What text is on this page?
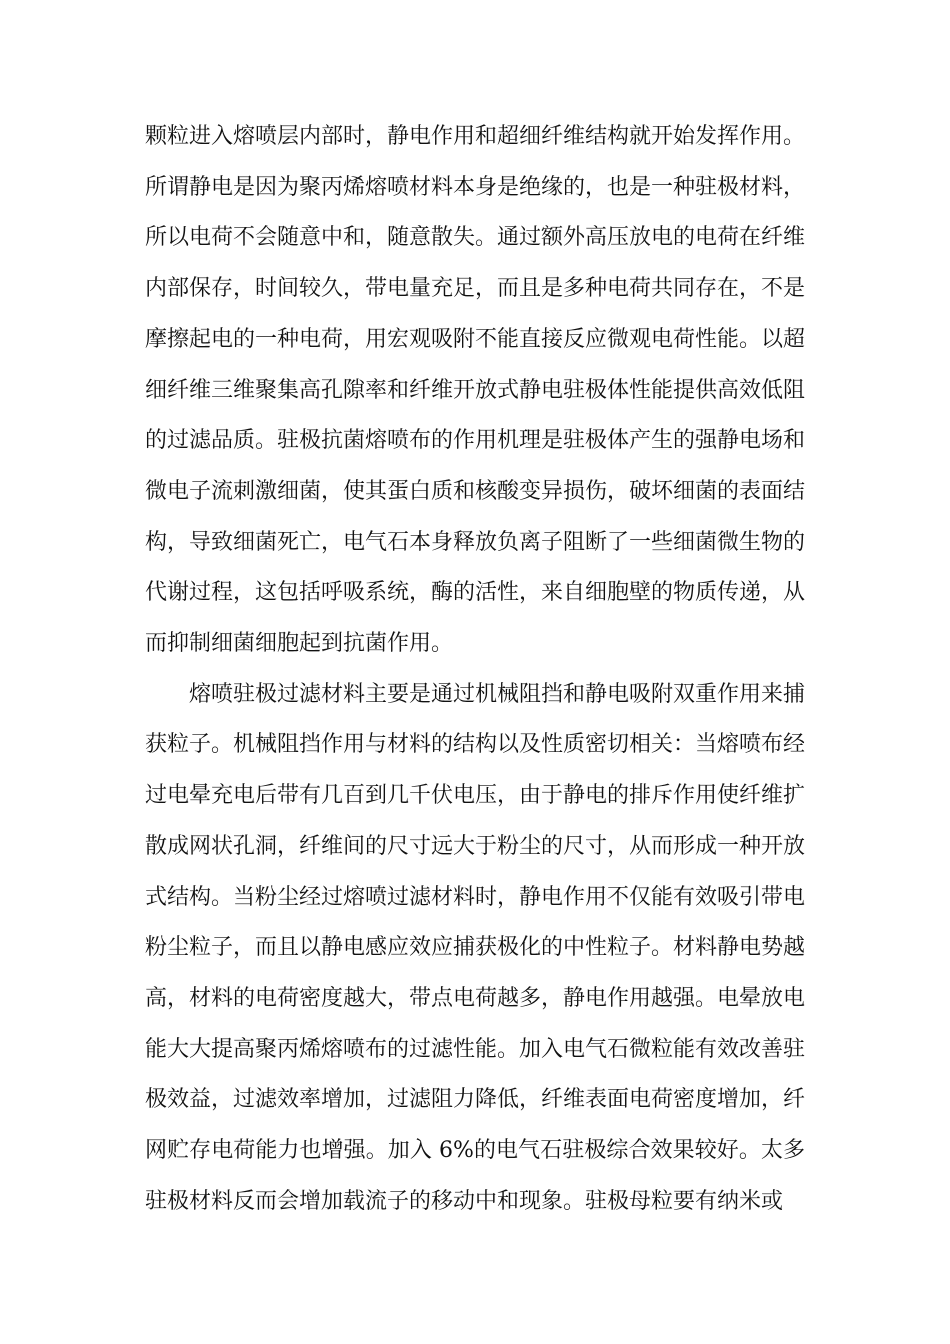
颗粒进入熔喷层内部时，静电作用和超细纤维结构就开始发挥作用。所谓静电是因为聚丙烯熔喷材料本身是绝缘的，也是一种驻极材料，所以电荷不会随意中和，随意散失。通过额外高压放电的电荷在纤维内部保存，时间较久，带电量充足，而且是多种电荷共同存在，不是摩擦起电的一种电荷，用宏观吸附不能直接反应微观电荷性能。以超细纤维三维聚集高孔隙率和纤维开放式静电驻极体性能提供高效低阻的过滤品质。驻极抗菌熔喷布的作用机理是驻极体产生的强静电场和微电子流刺激细菌，使其蛋白质和核酸变异损伤，破坏细菌的表面结构，导致细菌死亡，电气石本身释放负离子阻断了一些细菌微生物的代谢过程，这包括呼吸系统，酶的活性，来自细胞壁的物质传递，从而抑制细菌细胞起到抗菌作用。

熔喷驻极过滤材料主要是通过机械阻挡和静电吸附双重作用来捕获粒子。机械阻挡作用与材料的结构以及性质密切相关：当熔喷布经过电晕充电后带有几百到几千伏电压，由于静电的排斥作用使纤维扩散成网状孔洞，纤维间的尺寸远大于粉尘的尺寸，从而形成一种开放式结构。当粉尘经过熔喷过滤材料时，静电作用不仅能有效吸引带电粉尘粒子，而且以静电感应效应捕获极化的中性粒子。材料静电势越高，材料的电荷密度越大，带点电荷越多，静电作用越强。电晕放电能大大提高聚丙烯熔喷布的过滤性能。加入电气石微粒能有效改善驻极效益，过滤效率增加，过滤阻力降低，纤维表面电荷密度增加，纤网贮存电荷能力也增强。加入 6%的电气石驻极综合效果较好。太多驻极材料反而会增加载流子的移动中和现象。驻极母粒要有纳米或
